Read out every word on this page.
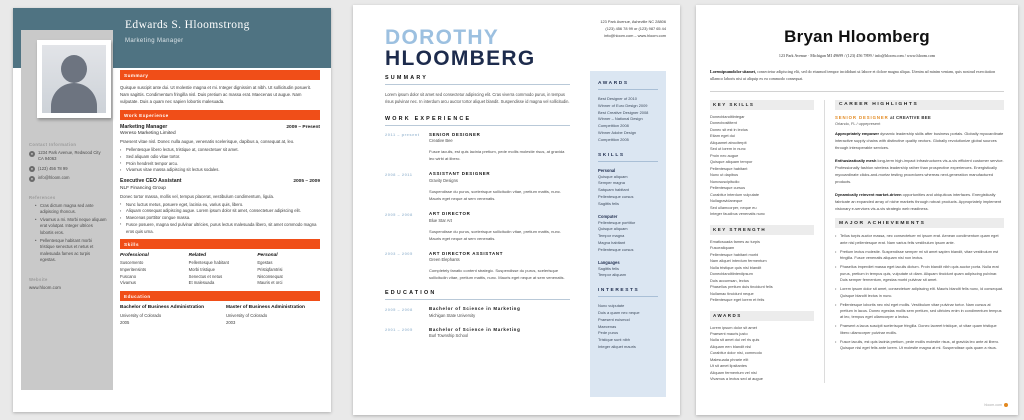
Edwards S. Hloomstrong
Marketing Manager
Contact Information
●	1234 Park Avenue, Redwood City CA 94063
●	(123) 456 78 99
●	info@hloom.com
References
• Cras dictum magna sed ante adipiscing rhoncus.
• Vivamus a mi. Morbi neque aliquam erat volutpat. Integer ultrices lobortis eros.
• Pellentesque habitant morbi tristique senectus et netus et malesuada fames ac turpis egestas.
Website
www.hloom.com
Summary
Quisque suscipit ante dui. Ut molestie magna et mi. Integer dignissim at nibh. Ut sollicitudin posuerit. Nam sagittis. Condimentum fringilla nisl. Duis pretium ac massa erat. Maecenas ut augue. Nam vulputate. Duis a quam nec sapien lobortis malesuada.
Work Experience
Marketing Manager	2009 – Present
Wereso Marketing Limited
Praesent vitae nisl. Donec nulla augue, venenatis scelerisque, dapibus a, consequat at, leo.
▪ Pellentesque libero lectus, tristique at, consectetuer sit amet.
▪ Sed aliquam odio vitae tortor.
▪ Proin hendrerit tempor arcu.
▪ Vivamus vitae massa adipiscing sit lectus sodales.
Executive CEO Assistant	2005 – 2009
NLF Financing Group
Donec tortor massa, mollis vel, tempus placerat, vestibulum condimentum, ligula.
▪ Nunc luctus metus, posuere eget, lacinia eu, varius quis, libero.
▪ Aliquam consequat adipiscing augue. Lorem ipsum dolor sit amet, consectetuer adipiscing elit.
▪ Maecenas porttitor congue massa.
▪ Fusce posuere, magna sed pulvinar ultricies, purus lectus malesuada libero, sit amet commodo magna eros quis urna.
Skills
Professional
Suscemento
Imperitensints
Fuscano
Vivamus
Related
Pellentesque habitant
Morbi tristique
Senectus et netus
Et malesuada
Personal
Egestas
Pristiqfamtrisi
Nisconsequat
Mauris et orci
Education
Bachelor of Business Administration
University of Colorado
2005
Master of Business Administration
University of Colorado
2003
123 Park Avenue, Asheville NC 28806
(123) 456 78 99 or (123) 987 65 44
info@hloom.com – www.hloom.com
DOROTHY
HLOOMBERG
SUMMARY
Lorem ipsum dolor sit amet sed consectetur adipiscing elit. Cras viverra commodo purus, in tempus risus pulvinar nec. In interdum arcu auctor tortor aliquet blandit. Suspendisse id magna vel sollicitudin.
WORK EXPERIENCE
2011 – present	SENIOR DESIGNER
Creative Bee
Fusce iaculis, est quis lacinia pretium, pede mollis molestie risus, at gravida leo wirbi at libero.
2008 – 2011	ASSISTANT DESIGNER
Gravity Designs
Suspendisse du purus, scelerisque sollicitudin vitae, pretium mattis, nunc. Mauris eget neque at sem venenatis.
2005 – 2008	ART DIRECTOR
Blue Star Art
Suspendisse du purus, scelerisque sollicitudin vitae, pretium mattis, nunc. Mauris eget neque at sem venenatis.
2003 – 2005	ART DIRECTOR ASSISTANT
Green Elephants
Completely fanatic content strategic. Suspendisse du purus, scelerisque sollicitudin vitae, pretium mattis, nunc. Mauris eget neque at sem venenatis.
EDUCATION
2005 – 2008	Bachelor of Science in Marketing
Michigan State University
2001 – 2005	Bachelor of Science in Marketing
Burl Township School
AWARDS
Best Designer of 2010
Winner of Euro Design 2009
Best Creative Designer 2008
Winner – National Design Competition 2008
Winner Adobe Design Competition 2005
SKILLS
Personal
Quisque aliquam
Semper magna
Satquam habitant
Pellentesque cursus
Sagittis felis
Computer
Pellentesque porttitor
Quisque aliquam
Tempor magna
Magna habitant
Pellentesque cursus
Languages
Sagittis felis
Tempor aliquam
INTERESTS
Nunc vulputate
Duis a quam nec neque
Praesent euismod
Maecenas
Pede purus
Tristique sunt nibh
Integer aliquet mauris
Bryan Hloomberg
123 Park Avenue · Michigan MI 49699 / (123) 456 7899 / info@hloom.com / www.hloom.com
Loremipsumdolor sitamet, consectetur adipiscing elit, sed do eiusmod tempor incididunt ut labore et dolore magna aliqua. Utenim ad minim veniam, quis nostrud exercitation ullamco laboris nisi ut aliquip ex ea commodo consequat.
KEY SKILLS
Donecblanditintegar
Donecbosititent
Donec sit est in lectus
Etiam eget dui
Aliquamet atrociterpit
Sed ut lorem in nunc
Proin nec augue
Quisque aliquam tempor
Pellentesque habitant
Nunc ut dapibus
Nuncsuscipitudio
Pellentesque cursus
Curabitur interdum vulputate
Nullagravidaneque
Sed ullamcorper, neque eu
Integer faucibus venenatis nunc
KEY STRENGTH
Ematicsuada fames ac turpis
Fuscealiquam
Pellentesque habitant morbi
Nam aliquet interdum fermentum
Nulla tristique quis nisl blandit
Donecblanditinterdipsum
Duis accumsan, lectus
Phasellus pretium duis tincidunt felis
Nullamac tincidunt neque
Pellentesque eget lorem et felis
AWARDS
Lorem ipsum dolor sit amet
Praesent mauris justo
Nulla sit amet dui vel ris quis
Aliquam een blandit nisl
Curabitur dolor nisi, commodo
Malesuada phrarie elit
Ut sit amet lipsitantes
Aliquam fermentum vel nisl
Vivamus a lectus sed at augue
CAREER HIGHLIGHTS
SENIOR DESIGNER at CREATIVE BEE
Orlando, FL / uppepresent
Appropriately empower dynamic leadership skills after business portals. Globally myocardinate interactive supply chains with distinctive quality vectors. Globally revolutionize global sources through interoperable services.
Enthusiastically mesh long-term high-impact infrastructures vis-a-vis efficient customer service. Professionally fashion wireless leadership rather than prospective experiences. Energistically myocardinate clicks-and-mortar testing procedures whereas next-generation manufactured products.
Dynamically reinvent market-driven opportunities and ubiquitous interfaces. Energistically fabricate an expanded array of niche markets through robust products. Appropriately implement visionary e-services vis-a-vis strategic web readiness.
MAJOR ACHIEVEMENTS
• Tellus turpis auctor massa, nec consectetuer mi ipsum erat. Aenean condimentum quam eget ante nisl pellentesque erat. Nam varius felis vestibulum ipsum ante.
• Pretium lectus molestie. Suspendisse semper mi sit amet sapien blandit, vitae vestibulum est fringilla. Fusce venenatis aliquam nisl non lectus.
• Phasellus imperdiet massa eget iaculis dictum. Proin blandit nibh quis auctor porta. Nulla erat purus, pretium in tempus quis, vulputate ut diam. Aliquam tincidunt quam adipiscing pulvinar. Duis semper fermentum, egestas morbi pulvinar sit amet.
• Lorem ipsum dolor sit amet, consectetuer adipiscing elit. Mauris blandit felis nunc, id consequat. Quisque blandit lectus in nunc.
• Pellentesque lobortis nec nisl eget mollis. Vestibulum vitae pulvinar tortor. Nam cursus at pretium in lacus. Donec egestas mollis sem pretium, sed ultricies enim in condimentum tempus at leo, tempus eget ullamcorper a lectus.
• Praesent a lacus suscipit scelerisque fringilla. Donec laoreet tristique, ut vitae quam tristique libero ullamcorper pulvinar mollis.
• Fusce iaculis, est quis lacinia pretium, pede mollis molestie risus, at gravida leo ante at libero. Quisque nisl eget felis ante lorem. Ut molestie magna at mi. Suspendisse quis quam a risus.
hloom.com
